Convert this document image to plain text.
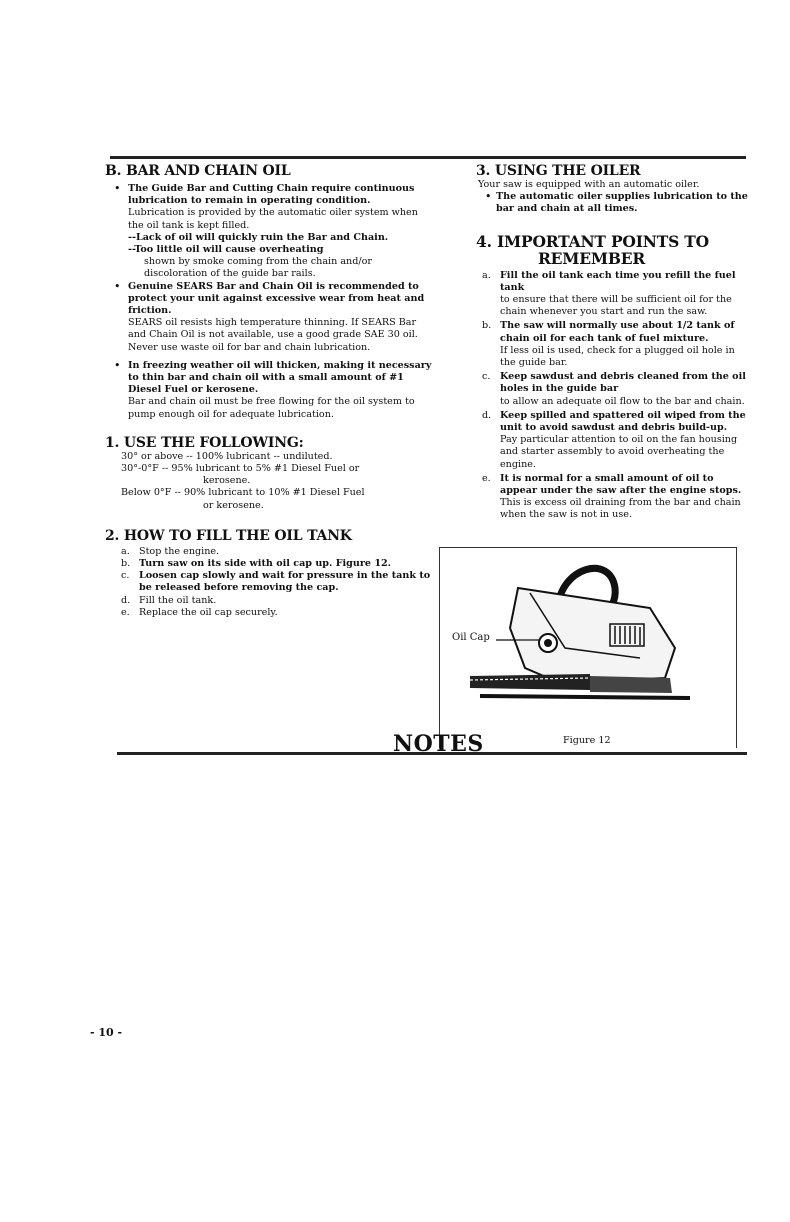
B. BAR AND CHAIN OIL

• The Guide Bar and Cutting Chain require continuous lubrication to remain in operating condition.

Lubrication is provided by the automatic oiler system when the oil tank is kept filled.

--Lack of oil will quickly ruin the Bar and Chain.

--Too little oil will cause overheating

shown by smoke coming from the chain and/or discoloration of the guide bar rails.

• Genuine SEARS Bar and Chain Oil is recommended to protect your unit against excessive wear from heat and friction.

SEARS oil resists high temperature thinning. If SEARS Bar and Chain Oil is not available, use a good grade SAE 30 oil. Never use waste oil for bar and chain lubrication.

• In freezing weather oil will thicken, making it necessary to thin bar and chain oil with a small amount of #1 Diesel Fuel or kerosene.

Bar and chain oil must be free flowing for the oil system to pump enough oil for adequate lubrication.

1. USE THE FOLLOWING:

30° or above -- 100% lubricant -- undiluted.

30°-0°F -- 95% lubricant to 5% #1 Diesel Fuel or

kerosene.

Below 0°F -- 90% lubricant to 10% #1 Diesel Fuel

or kerosene.

2. HOW TO FILL THE OIL TANK

a. Stop the engine.

b. Turn saw on its side with oil cap up. Figure 12.

c. Loosen cap slowly and wait for pressure in the tank to be released before removing the cap.

d. Fill the oil tank.

e. Replace the oil cap securely.

3. USING THE OILER

Your saw is equipped with an automatic oiler.

• The automatic oiler supplies lubrication to the bar and chain at all times.

4. IMPORTANT POINTS TO

REMEMBER

a. Fill the oil tank each time you refill the fuel tank

to ensure that there will be sufficient oil for the chain whenever you start and run the saw.

b. The saw will normally use about 1/2 tank of chain oil for each tank of fuel mixture.

If less oil is used, check for a plugged oil hole in the guide bar.

c. Keep sawdust and debris cleaned from the oil holes in the guide bar

to allow an adequate oil flow to the bar and chain.

d. Keep spilled and spattered oil wiped from the unit to avoid sawdust and debris build-up.

Pay particular attention to oil on the fan housing and starter assembly to avoid overheating the engine.

e. It is normal for a small amount of oil to appear under the saw after the engine stops.

This is excess oil draining from the bar and chain when the saw is not in use.

Oil Cap
Figure 12
NOTES
- 10 -
